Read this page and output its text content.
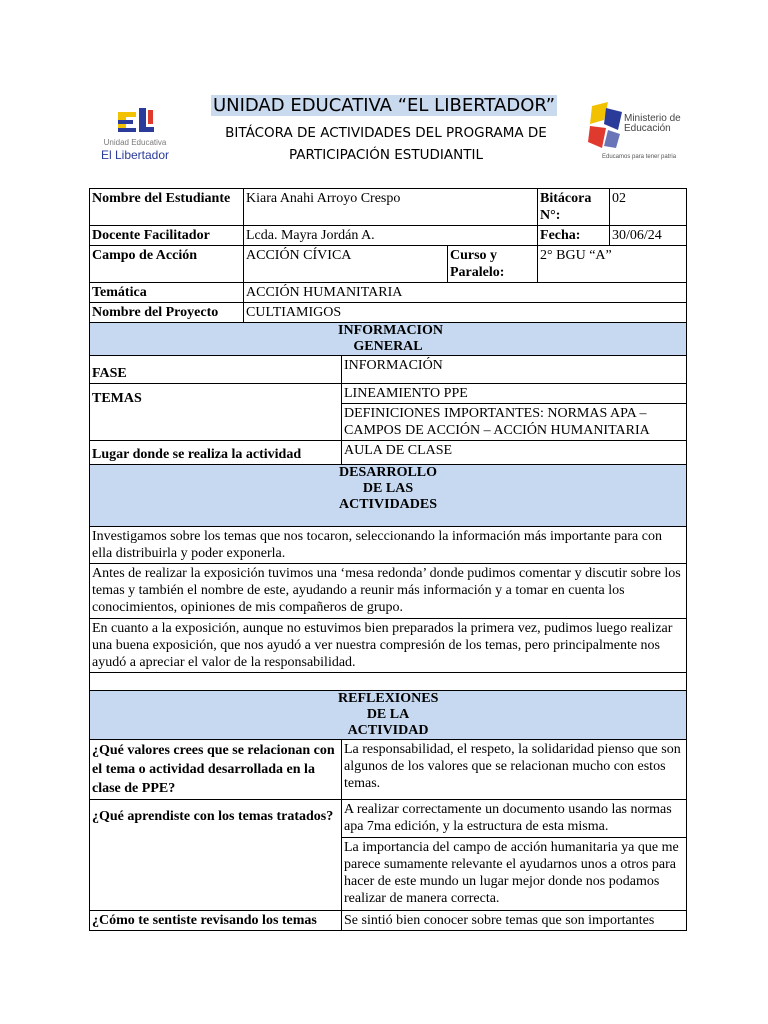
Unidad Educativa
El Libertador
UNIDAD EDUCATIVA “EL LIBERTADOR”
BITÁCORA DE ACTIVIDADES DEL PROGRAMA DE PARTICIPACIÓN ESTUDIANTIL
Ministerio de Educación
Educamos para tener patria
Nombre del Estudiante	Kiara Anahi Arroyo Crespo			Bitácora N°:	02
Docente Facilitador	Lcda. Mayra Jordán A.			Fecha:	30/06/24
Campo de Acción	ACCIÓN CÍVICA		Curso y Paralelo:	2° BGU “A”	
Temática	ACCIÓN HUMANITARIA				
Nombre del Proyecto	CULTIAMIGOS				
INFORMACION GENERAL					
FASE		INFORMACIÓN			
TEMAS		LINEAMIENTO PPE			
		DEFINICIONES IMPORTANTES: NORMAS APA – CAMPOS DE ACCIÓN – ACCIÓN HUMANITARIA			
Lugar donde se realiza la actividad		AULA DE CLASE			
DESARROLLO DE LAS ACTIVIDADES					
Investigamos sobre los temas que nos tocaron, seleccionando la información más importante para con ella distribuirla y poder exponerla.					
Antes de realizar la exposición tuvimos una ‘mesa redonda’ donde pudimos comentar y discutir sobre los temas y también el nombre de este, ayudando a reunir más información y a tomar en cuenta los conocimientos, opiniones de mis compañeros de grupo.					
En cuanto a la exposición, aunque no estuvimos bien preparados la primera vez, pudimos luego realizar una buena exposición, que nos ayudó a ver nuestra compresión de los temas, pero principalmente nos ayudó a apreciar el valor de la responsabilidad.					

REFLEXIONES DE LA ACTIVIDAD					
¿Qué valores crees que se relacionan con el tema o actividad desarrollada en la clase de PPE?		La responsabilidad, el respeto, la solidaridad pienso que son algunos de los valores que se relacionan mucho con estos temas.			
¿Qué aprendiste con los temas tratados?		A realizar correctamente un documento usando las normas apa 7ma edición, y la estructura de esta misma.			
		La importancia del campo de acción humanitaria ya que me parece sumamente relevante el ayudarnos unos a otros para hacer de este mundo un lugar mejor donde nos podamos realizar de manera correcta.			
¿Cómo te sentiste revisando los temas		Se sintió bien conocer sobre temas que son importantes			
